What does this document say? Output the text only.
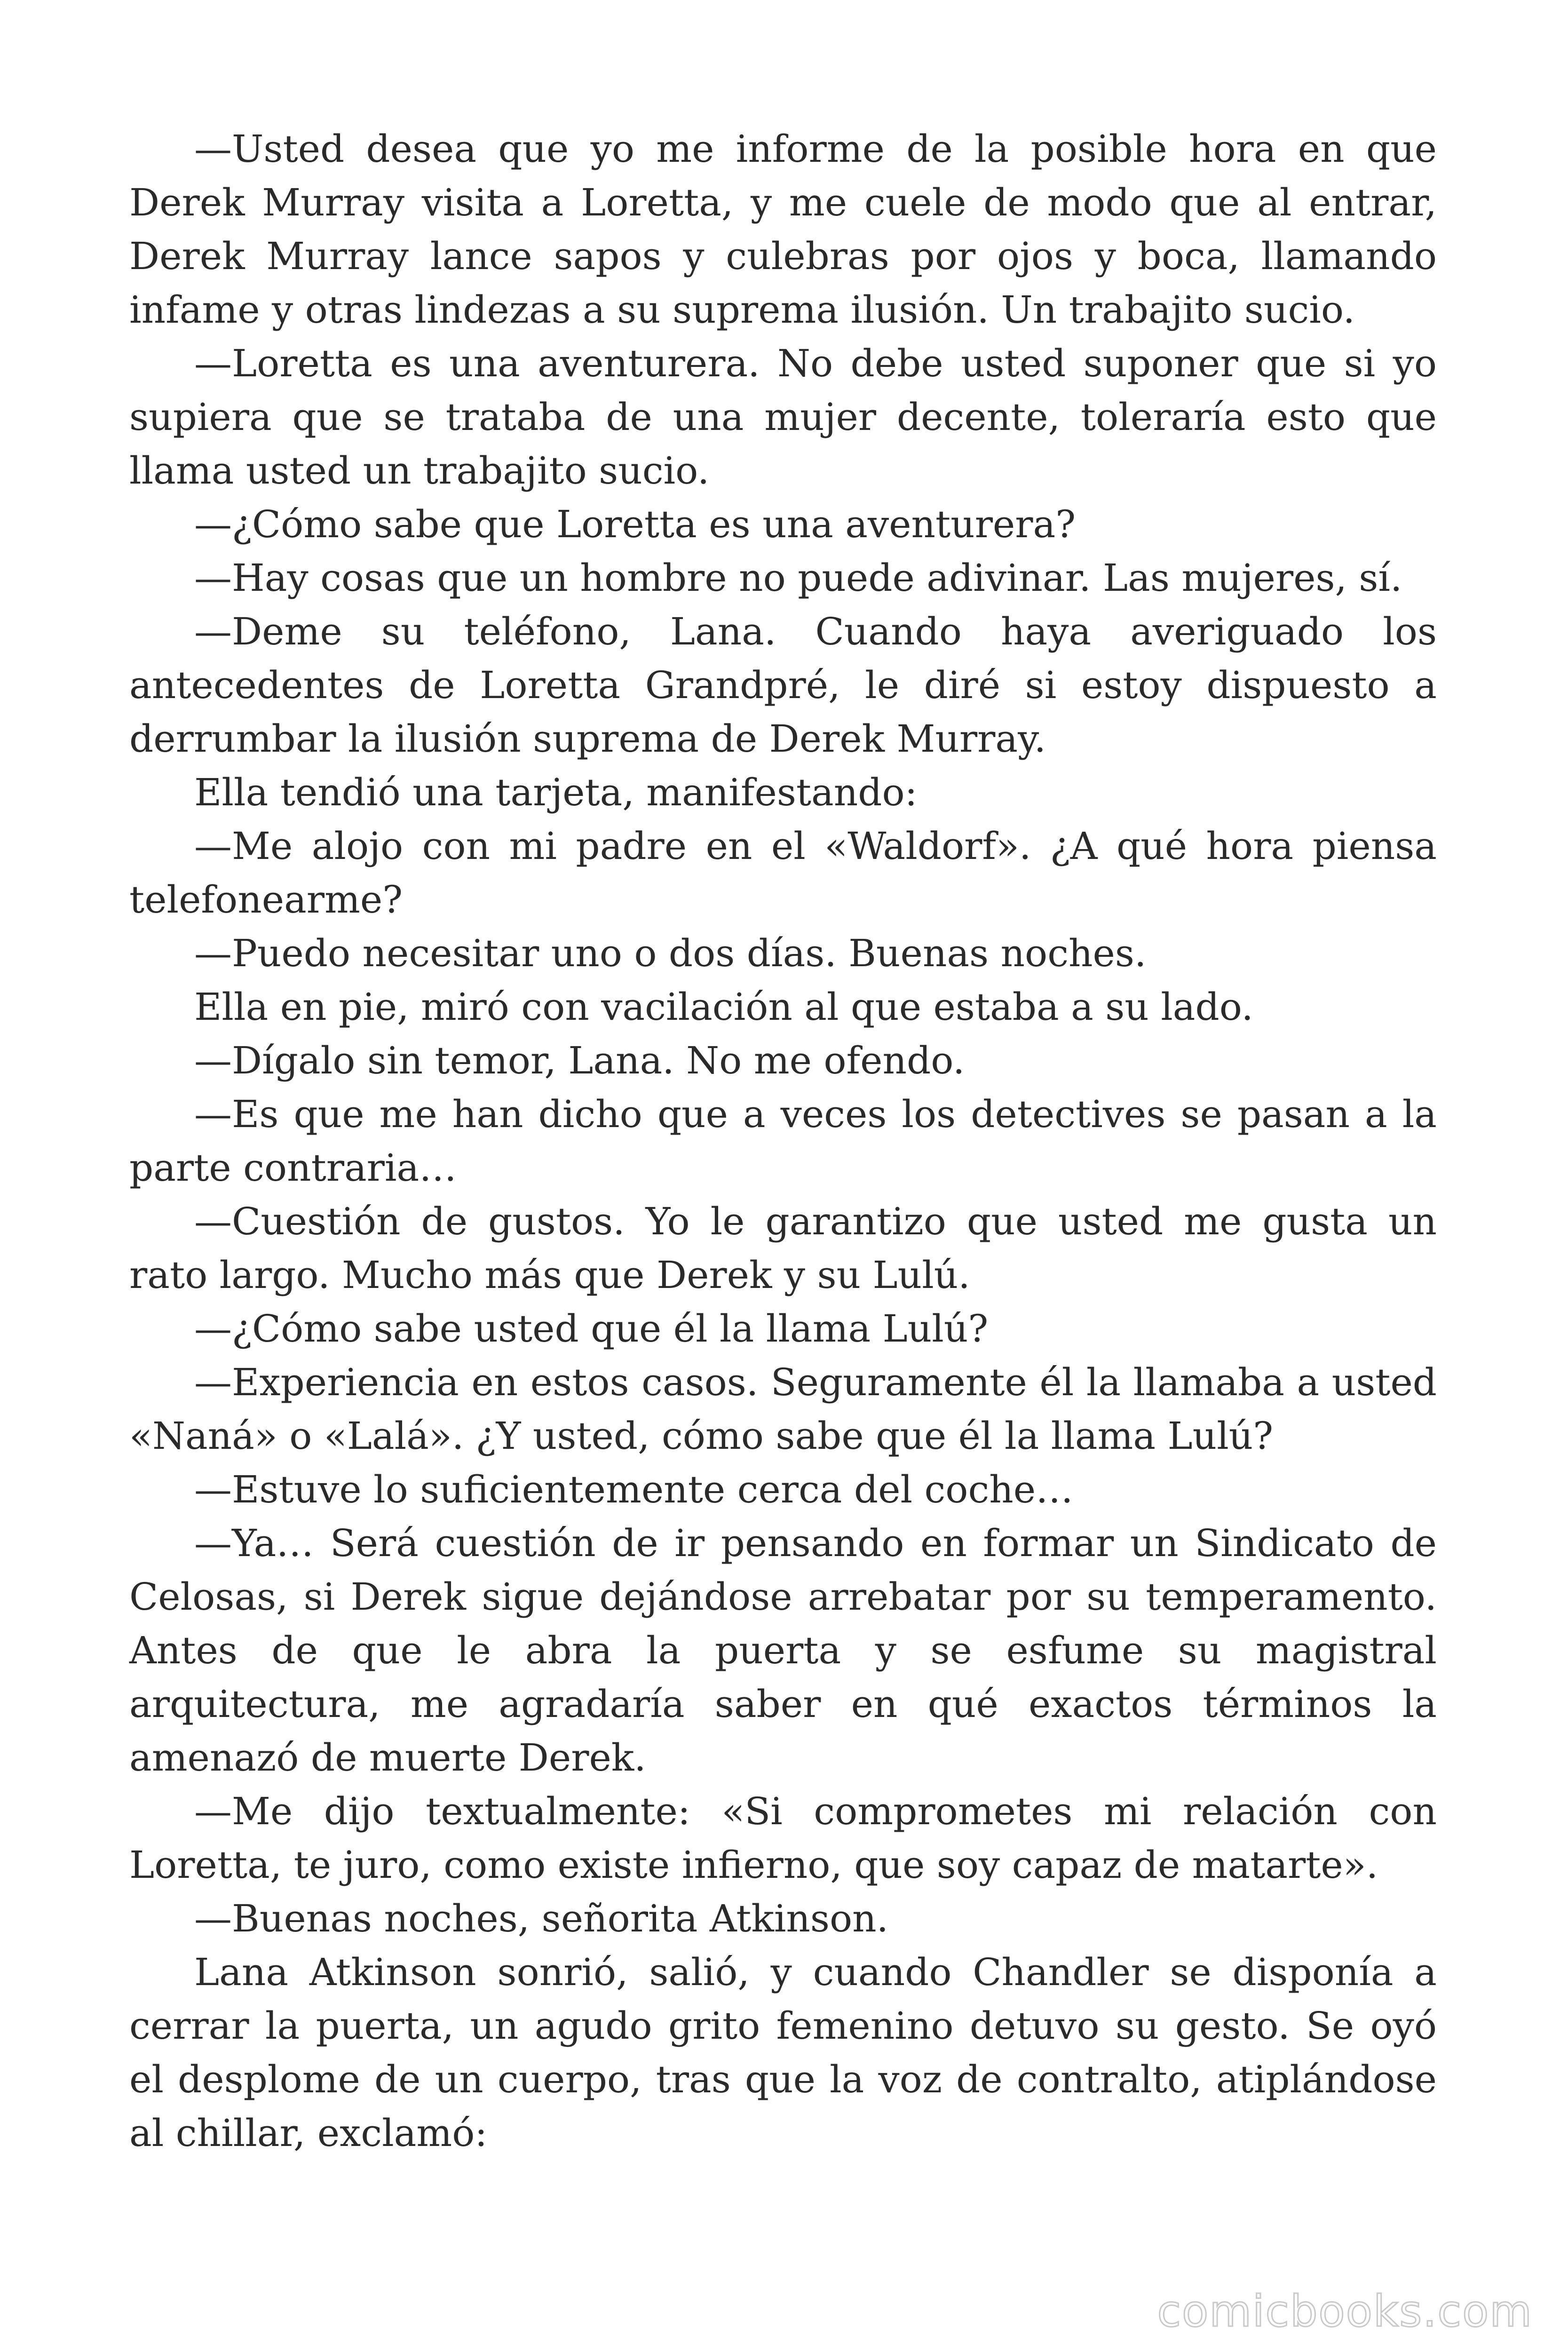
—Usted desea que yo me informe de la posible hora en que Derek Murray visita a Loretta, y me cuele de modo que al entrar, Derek Murray lance sapos y culebras por ojos y boca, llamando infame y otras lindezas a su suprema ilusión. Un trabajito sucio.

—Loretta es una aventurera. No debe usted suponer que si yo supiera que se trataba de una mujer decente, toleraría esto que llama usted un trabajito sucio.

—¿Cómo sabe que Loretta es una aventurera?

—Hay cosas que un hombre no puede adivinar. Las mujeres, sí.

—Deme su teléfono, Lana. Cuando haya averiguado los antecedentes de Loretta Grandpré, le diré si estoy dispuesto a derrumbar la ilusión suprema de Derek Murray.

Ella tendió una tarjeta, manifestando:

—Me alojo con mi padre en el «Waldorf». ¿A qué hora piensa telefonearme?

—Puedo necesitar uno o dos días. Buenas noches.

Ella en pie, miró con vacilación al que estaba a su lado.

—Dígalo sin temor, Lana. No me ofendo.

—Es que me han dicho que a veces los detectives se pasan a la parte contraria…

—Cuestión de gustos. Yo le garantizo que usted me gusta un rato largo. Mucho más que Derek y su Lulú.

—¿Cómo sabe usted que él la llama Lulú?

—Experiencia en estos casos. Seguramente él la llamaba a usted «Naná» o «Lalá». ¿Y usted, cómo sabe que él la llama Lulú?

—Estuve lo suficientemente cerca del coche…

—Ya… Será cuestión de ir pensando en formar un Sindicato de Celosas, si Derek sigue dejándose arrebatar por su temperamento. Antes de que le abra la puerta y se esfume su magistral arquitectura, me agradaría saber en qué exactos términos la amenazó de muerte Derek.

—Me dijo textualmente: «Si comprometes mi relación con Loretta, te juro, como existe infierno, que soy capaz de matarte».

—Buenas noches, señorita Atkinson.

Lana Atkinson sonrió, salió, y cuando Chandler se disponía a cerrar la puerta, un agudo grito femenino detuvo su gesto. Se oyó el desplome de un cuerpo, tras que la voz de contralto, atiplándose al chillar, exclamó:

comicbooks.com
